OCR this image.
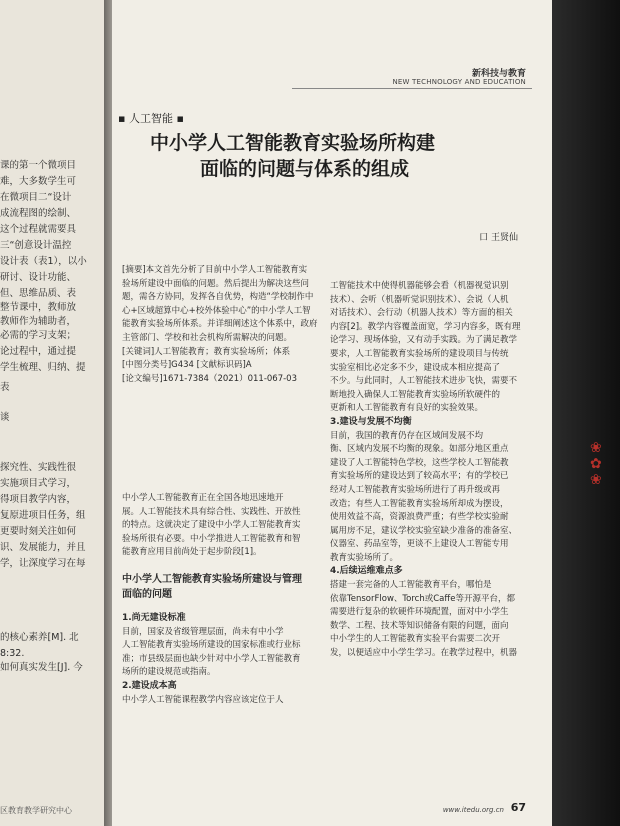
区教育教学研究中心
课的第一个微项目
难，大多数学生可
在微项目二“设计
成流程图的绘制、
这个过程就需要具
三“创意设计温控
设计表（表1），以小
研讨、设计功能、
但、思维品质、表
整节课中，教师放
教师作为辅助者，
必需的学习支架；
论过程中，通过提
学生梳理、归纳、提
表
谈
探究性、实践性很
实施项目式学习，
得项目教学内容，
复原进项目任务，组
更要时刻关注如何
识、发展能力，并且
学，让深度学习在每
的核心素养[M]. 北
8:32.
如何真实发生[J]. 今
新科技与教育
NEW TECHNOLOGY AND EDUCATION
▪ 人工智能 ▪
中小学人工智能教育实验场所构建
面临的问题与体系的组成
口 王贤仙

[摘要]本文首先分析了目前中小学人工智能教育实

验场所建设中面临的问题。然后提出为解决这些问

题，需各方协同，发挥各自优势，构造“学校制作中

心+区域超算中心+校外体验中心”的中小学人工智

能教育实验场所体系。并详细阐述这个体系中，政府

主管部门、学校和社会机构所需解决的问题。

[关键词]人工智能教育；教育实验场所；体系

[中图分类号]G434 [文献标识码]A

[论文编号]1671-7384（2021）011-067-03

中小学人工智能教育正在全国各地迅速地开

展。人工智能技术具有综合性、实践性、开放性

的特点。这就决定了建设中小学人工智能教育实

验场所很有必要。中小学推进人工智能教育和智

能教育应用目前尚处于起步阶段[1]。

中小学人工智能教育实验场所建设与管理

面临的问题

1.尚无建设标准

目前，国家及省级管理层面，尚未有中小学

人工智能教育实验场所建设的国家标准或行业标

准；市县级层面也缺少针对中小学人工智能教育

场所的建设规范或指南。

2.建设成本高

中小学人工智能课程教学内容应该定位于人

工智能技术中使得机器能够会看（机器视觉识别

技术）、会听（机器听觉识别技术）、会说（人机

对话技术）、会行动（机器人技术）等方面的相关

内容[2]。教学内容覆盖面宽，学习内容多，既有理

论学习、现场体验，又有动手实践。为了满足教学

要求，人工智能教育实验场所的建设项目与传统

实验室相比必定多不少，建设成本相应提高了

不少。与此同时，人工智能技术进步飞快，需要不

断地投入确保人工智能教育实验场所软硬件的

更新和人工智能教育有良好的实验效果。

3.建设与发展不均衡

目前，我国的教育仍存在区域间发展不均

衡、区域内发展不均衡的现象。如部分地区重点

建设了人工智能特色学校，这些学校人工智能教

育实验场所的建设达到了较高水平；有的学校已

经对人工智能教育实验场所进行了再升级或再

改造；有些人工智能教育实验场所却成为摆设，

使用效益不高，资源浪费严重；有些学校实验耐

属用房不足，建议学校实验室缺少准备的准备室、

仪器室、药品室等，更谈不上建设人工智能专用

教育实验场所了。

4.后续运维难点多

搭建一套完备的人工智能教育平台，哪怕是

依靠TensorFlow、Torch或Caffe等开源平台，都

需要进行复杂的软硬件环境配置，面对中小学生

数学、工程、技术等知识储备有限的问题，面向

中小学生的人工智能教育实验平台需要二次开

发，以便适应中小学生学习。在教学过程中，机器

www.itedu.org.cn 67
❀
✿
❀
